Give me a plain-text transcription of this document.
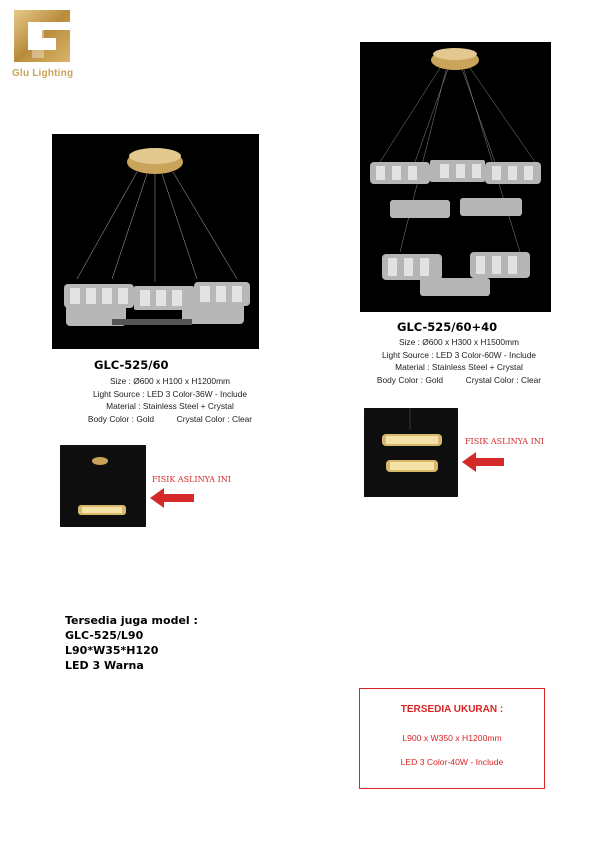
Glu Lighting
GLC-525/60
Size : Ø600 x H100 x H1200mm
Light Source : LED 3 Color-36W - Include
Material : Stainless Steel + Crystal
Body Color : Gold	Crystal Color : Clear
FISIK ASLINYA INI
GLC-525/60+40
Size : Ø600 x H300 x H1500mm
Light Source : LED 3 Color-60W - Include
Material : Stainless Steel + Crystal
Body Color : Gold	Crystal Color : Clear
FISIK ASLINYA INI
Tersedia juga model :
GLC-525/L90
L90*W35*H120
LED 3 Warna
TERSEDIA UKURAN :
L900 x W350 x H1200mm
LED 3 Color-40W - Include
